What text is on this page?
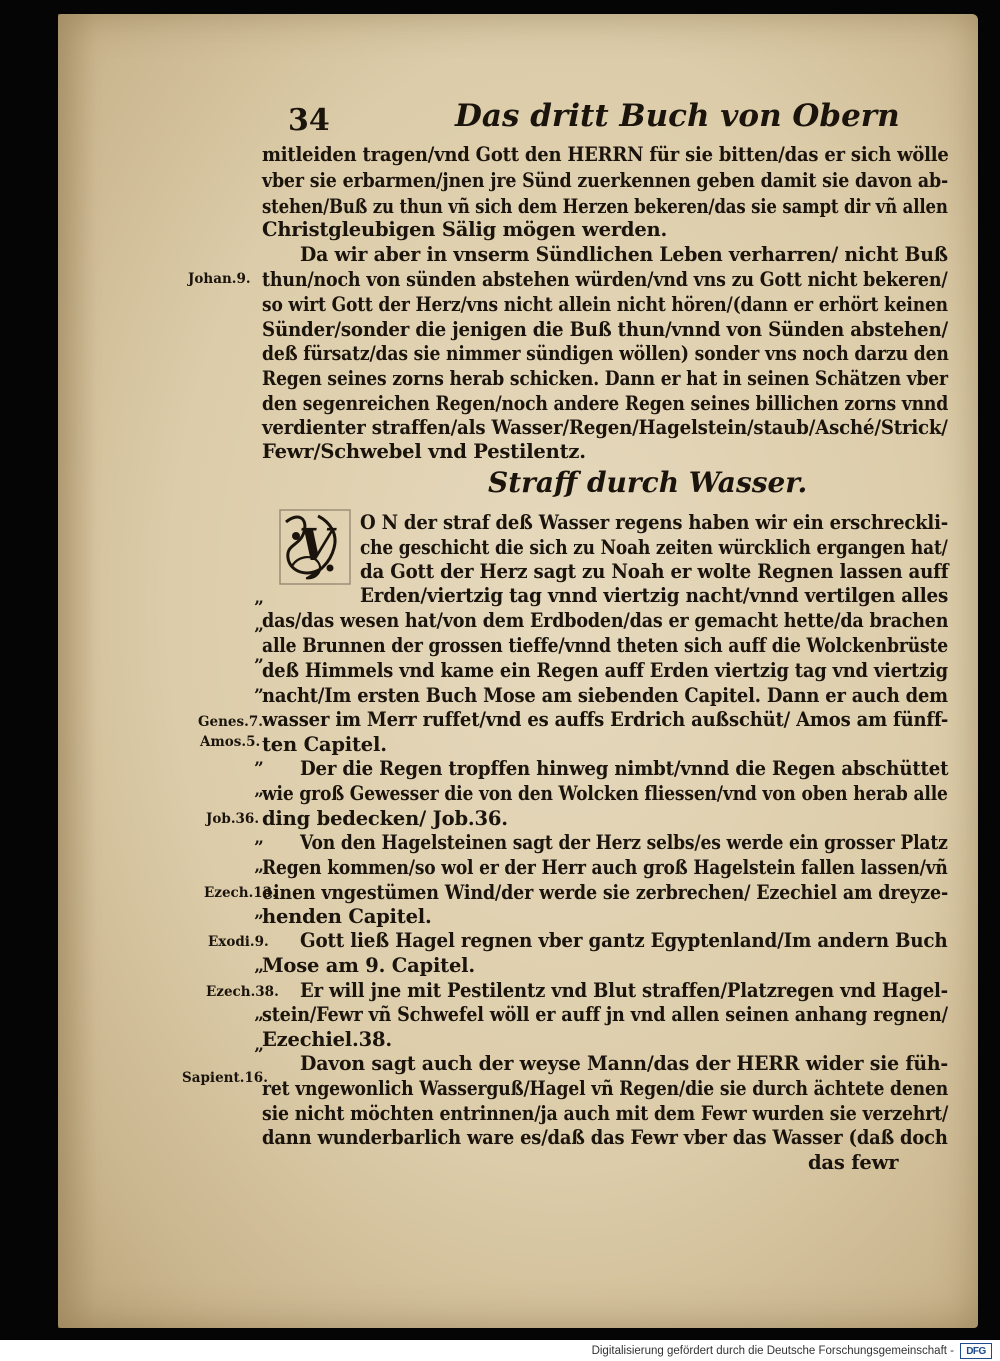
34	Das dritt Buch von Obern
mitleiden tragen/vnd Gott den HERRN für sie bitten/das er sich wölle
vber sie erbarmen/jnen jre Sünd zuerkennen geben damit sie davon ab-
stehen/Buß zu thun vñ sich dem Herzen bekeren/das sie sampt dir vñ allen
Christgleubigen Sälig mögen werden.
Da wir aber in vnserm Sündlichen Leben verharren/ nicht Buß
thun/noch von sünden abstehen würden/vnd vns zu Gott nicht bekeren/
so wirt Gott der Herz/vns nicht allein nicht hören/(dann er erhört keinen
Sünder/sonder die jenigen die Buß thun/vnnd von Sünden abstehen/
deß fürsatz/das sie nimmer sündigen wöllen) sonder vns noch darzu den
Regen seines zorns herab schicken. Dann er hat in seinen Schätzen vber
den segenreichen Regen/noch andere Regen seines billichen zorns vnnd
verdienter straffen/als Wasser/Regen/Hagelstein/staub/Asché/Strick/
Fewr/Schwebel vnd Pestilentz.
Straff durch Wasser.
V O N der straf deß Wasser regens haben wir ein erschreckli-
che geschicht die sich zu Noah zeiten würcklich ergangen hat/
da Gott der Herz sagt zu Noah er wolte Regnen lassen auff
Erden/viertzig tag vnnd viertzig nacht/vnnd vertilgen alles
das/das wesen hat/von dem Erdboden/das er gemacht hette/da brachen
alle Brunnen der grossen tieffe/vnnd theten sich auff die Wolckenbrüste
deß Himmels vnd kame ein Regen auff Erden viertzig tag vnd viertzig
nacht/Im ersten Buch Mose am siebenden Capitel. Dann er auch dem
wasser im Merr ruffet/vnd es auffs Erdrich außschüt/ Amos am fünff-
ten Capitel.
Der die Regen tropffen hinweg nimbt/vnnd die Regen abschüttet
wie groß Gewesser die von den Wolcken fliessen/vnd von oben herab alle
ding bedecken/ Job.36.
Von den Hagelsteinen sagt der Herz selbs/es werde ein grosser Platz
Regen kommen/so wol er der Herr auch groß Hagelstein fallen lassen/vñ
einen vngestümen Wind/der werde sie zerbrechen/ Ezechiel am dreyze-
henden Capitel.
Gott ließ Hagel regnen vber gantz Egyptenland/Im andern Buch
Mose am 9. Capitel.
Er will jne mit Pestilentz vnd Blut straffen/Platzregen vnd Hagel-
stein/Fewr vñ Schwefel wöll er auff jn vnd allen seinen anhang regnen/
Ezechiel.38.
Davon sagt auch der weyse Mann/das der HERR wider sie füh-
ret vngewonlich Wasserguß/Hagel vñ Regen/die sie durch ächtete denen
sie nicht möchten entrinnen/ja auch mit dem Fewr wurden sie verzehrt/
dann wunderbarlich ware es/daß das Fewr vber das Wasser (daß doch
das fewr
Johan.9.
Genes.7.
Amos.5.
Job.36.
Ezech.13.
Exodi.9.
Ezech.38.
Sapient.16.
”
”
”
”
”
”
”
”
”
”
”
”
Digitalisierung gefördert durch die Deutsche Forschungsgemeinschaft -	DFG
